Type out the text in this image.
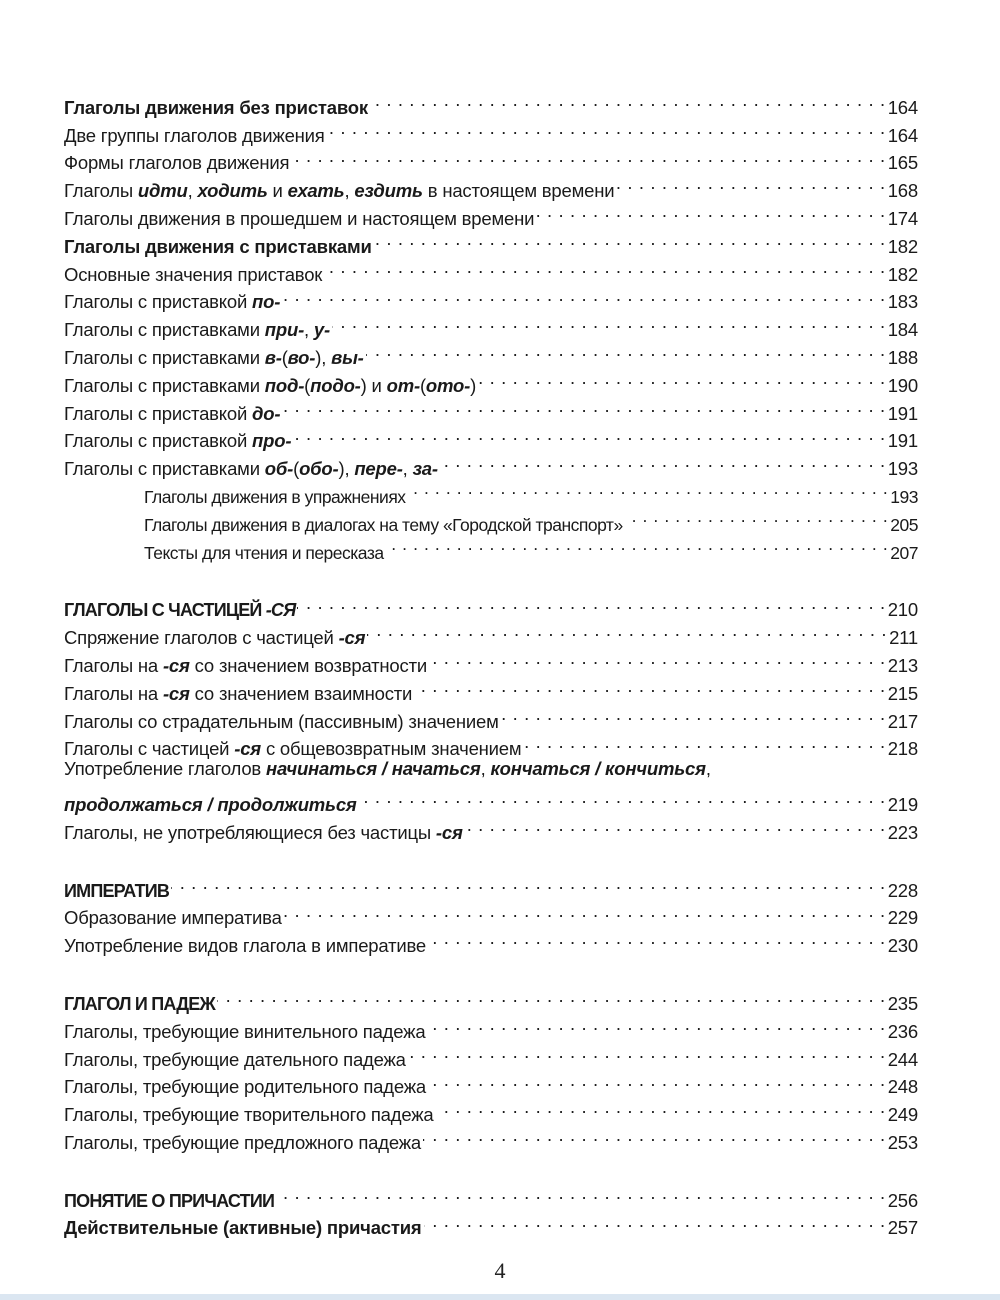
Глаголы движения без приставок . . .	164
Две группы глаголов движения . . .	164
Формы глаголов движения . . .	165
Глаголы идти, ходить и ехать, ездить в настоящем времени . . .	168
Глаголы движения в прошедшем и настоящем времени . . .	174
Глаголы движения с приставками . . .	182
Основные значения приставок . . .	182
Глаголы с приставкой по- . . .	183
Глаголы с приставками при-, у- . . .	184
Глаголы с приставками в-(во-), вы- . . .	188
Глаголы с приставками под-(подо-) и от-(ото-) . . .	190
Глаголы с приставкой до- . . .	191
Глаголы с приставкой про- . . .	191
Глаголы с приставками об-(обо-), пере-, за- . . .	193
Глаголы движения в упражнениях . . .	193
Глаголы движения в диалогах на тему «Городской транспорт» . . .	205
Тексты для чтения и пересказа . . .	207
ГЛАГОЛЫ С ЧАСТИЦЕЙ -СЯ . . .	210
Спряжение глаголов с частицей -ся . . .	211
Глаголы на -ся со значением возвратности . . .	213
Глаголы на -ся со значением взаимности . . .	215
Глаголы со страдательным (пассивным) значением . . .	217
Глаголы с частицей -ся с общевозвратным значением . . .	218
Употребление глаголов начинаться / начаться, кончаться / кончиться,
продолжаться / продолжиться . . .	219
Глаголы, не употребляющиеся без частицы -ся . . .	223
ИМПЕРАТИВ . . .	228
Образование императива . . .	229
Употребление видов глагола в императиве . . .	230
ГЛАГОЛ И ПАДЕЖ . . .	235
Глаголы, требующие винительного падежа . . .	236
Глаголы, требующие дательного падежа . . .	244
Глаголы, требующие родительного падежа . . .	248
Глаголы, требующие творительного падежа . . .	249
Глаголы, требующие предложного падежа . . .	253
ПОНЯТИЕ О ПРИЧАСТИИ . . .	256
Действительные (активные) причастия . . .	257
4
